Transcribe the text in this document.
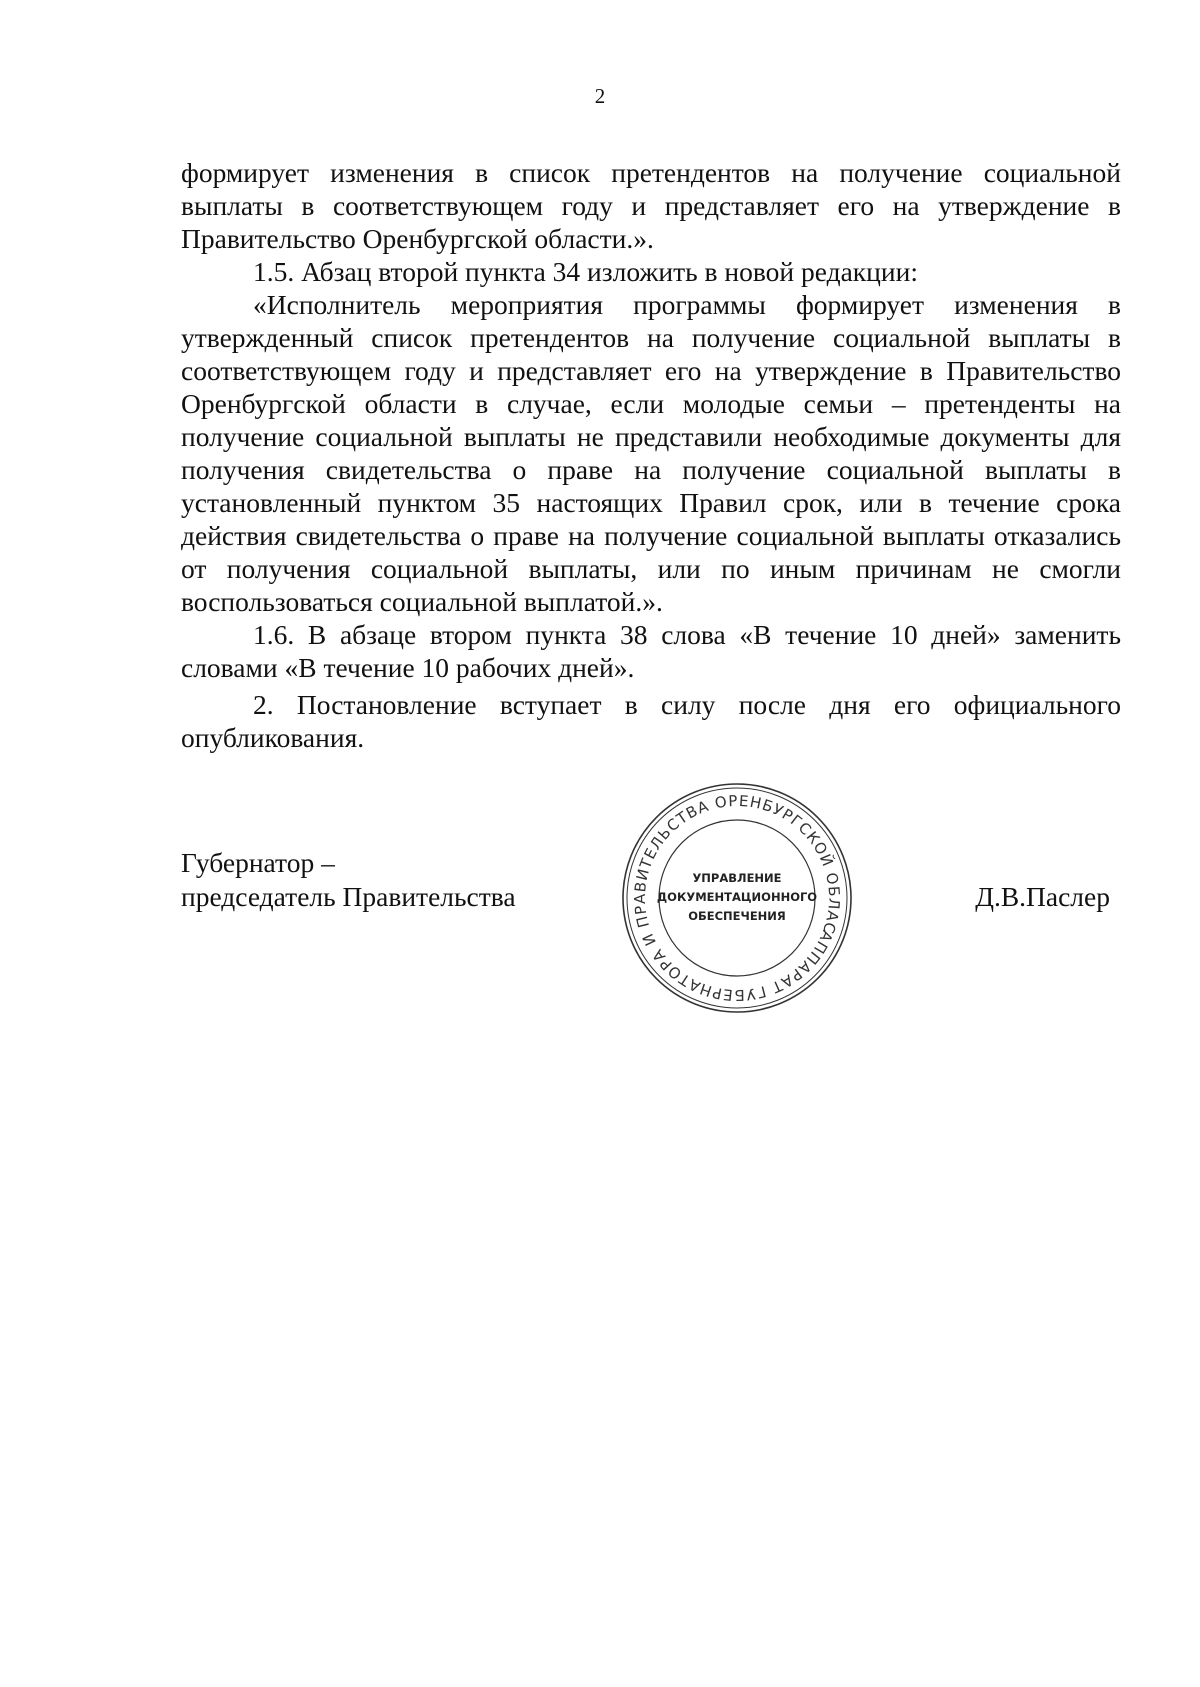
2

формирует изменения в список претендентов на получение социальной выплаты в соответствующем году и представляет его на утверждение в Правительство Оренбургской области.».

1.5. Абзац второй пункта 34 изложить в новой редакции:

«Исполнитель мероприятия программы формирует изменения в утвержденный список претендентов на получение социальной выплаты в соответствующем году и представляет его на утверждение в Правительство Оренбургской области в случае, если молодые семьи – претенденты на получение социальной выплаты не представили необходимые документы для получения свидетельства о праве на получение социальной выплаты в установленный пунктом 35 настоящих Правил срок, или в течение срока действия свидетельства о праве на получение социальной выплаты отказались от получения социальной выплаты, или по иным причинам не смогли воспользоваться социальной выплатой.».

1.6. В абзаце втором пункта 38 слова «В течение 10 дней» заменить словами «В течение 10 рабочих дней».

2. Постановление вступает в силу после дня его официального опубликования.

Губернатор –
председатель Правительства	Д.В.Паслер
АППАРАТ ГУБЕРНАТОРА И ПРАВИТЕЛЬСТВА ОРЕНБУРГСКОЙ ОБЛАСТИ
УПРАВЛЕНИЕ
ДОКУМЕНТАЦИОННОГО
ОБЕСПЕЧЕНИЯ
